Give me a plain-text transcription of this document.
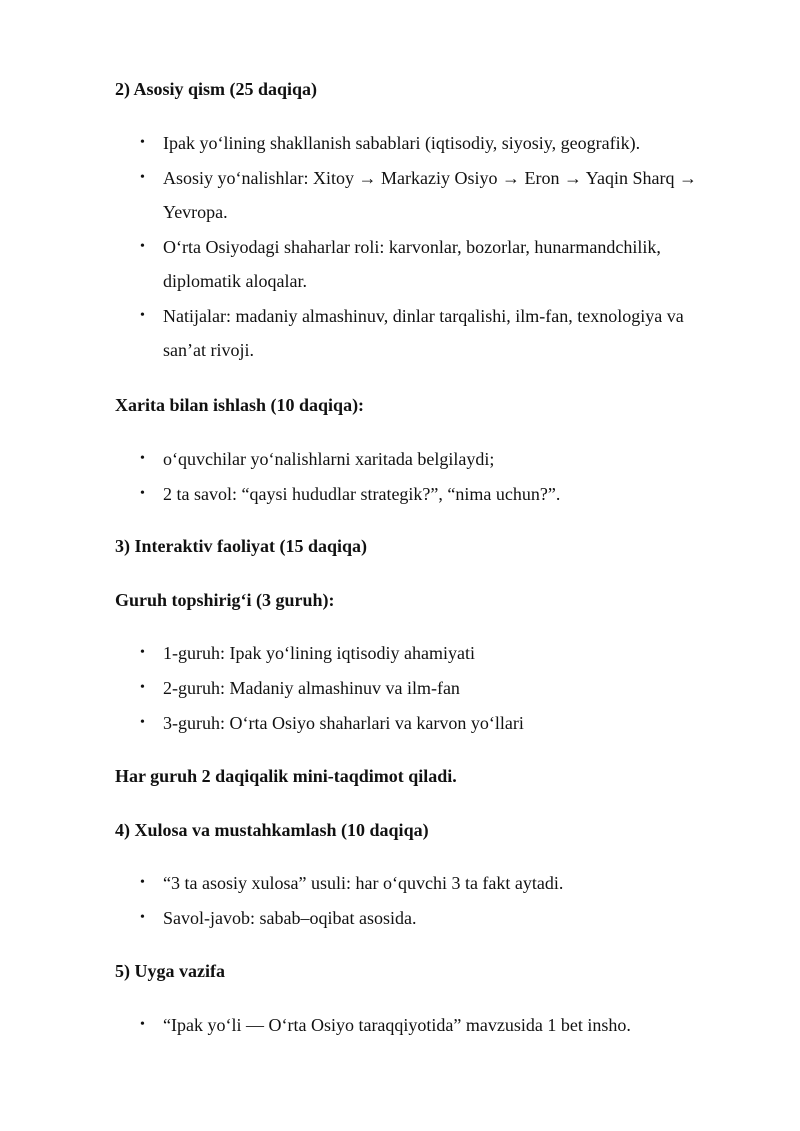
2) Asosiy qism (25 daqiqa)
• Ipak yo‘lining shakllanish sabablari (iqtisodiy, siyosiy, geografik).
• Asosiy yo‘nalishlar: Xitoy → Markaziy Osiyo → Eron → Yaqin Sharq → Yevropa.
• O‘rta Osiyodagi shaharlar roli: karvonlar, bozorlar, hunarmandchilik, diplomatik aloqalar.
• Natijalar: madaniy almashinuv, dinlar tarqalishi, ilm-fan, texnologiya va san’at rivoji.
Xarita bilan ishlash (10 daqiqa):
• o‘quvchilar yo‘nalishlarni xaritada belgilaydi;
• 2 ta savol: “qaysi hududlar strategik?”, “nima uchun?”.
3) Interaktiv faoliyat (15 daqiqa)
Guruh topshirig‘i (3 guruh):
• 1-guruh: Ipak yo‘lining iqtisodiy ahamiyati
• 2-guruh: Madaniy almashinuv va ilm-fan
• 3-guruh: O‘rta Osiyo shaharlari va karvon yo‘llari
Har guruh 2 daqiqalik mini-taqdimot qiladi.
4) Xulosa va mustahkamlash (10 daqiqa)
• “3 ta asosiy xulosa” usuli: har o‘quvchi 3 ta fakt aytadi.
• Savol-javob: sabab–oqibat asosida.
5) Uyga vazifa
• “Ipak yo‘li — O‘rta Osiyo taraqqiyotida” mavzusida 1 bet insho.
